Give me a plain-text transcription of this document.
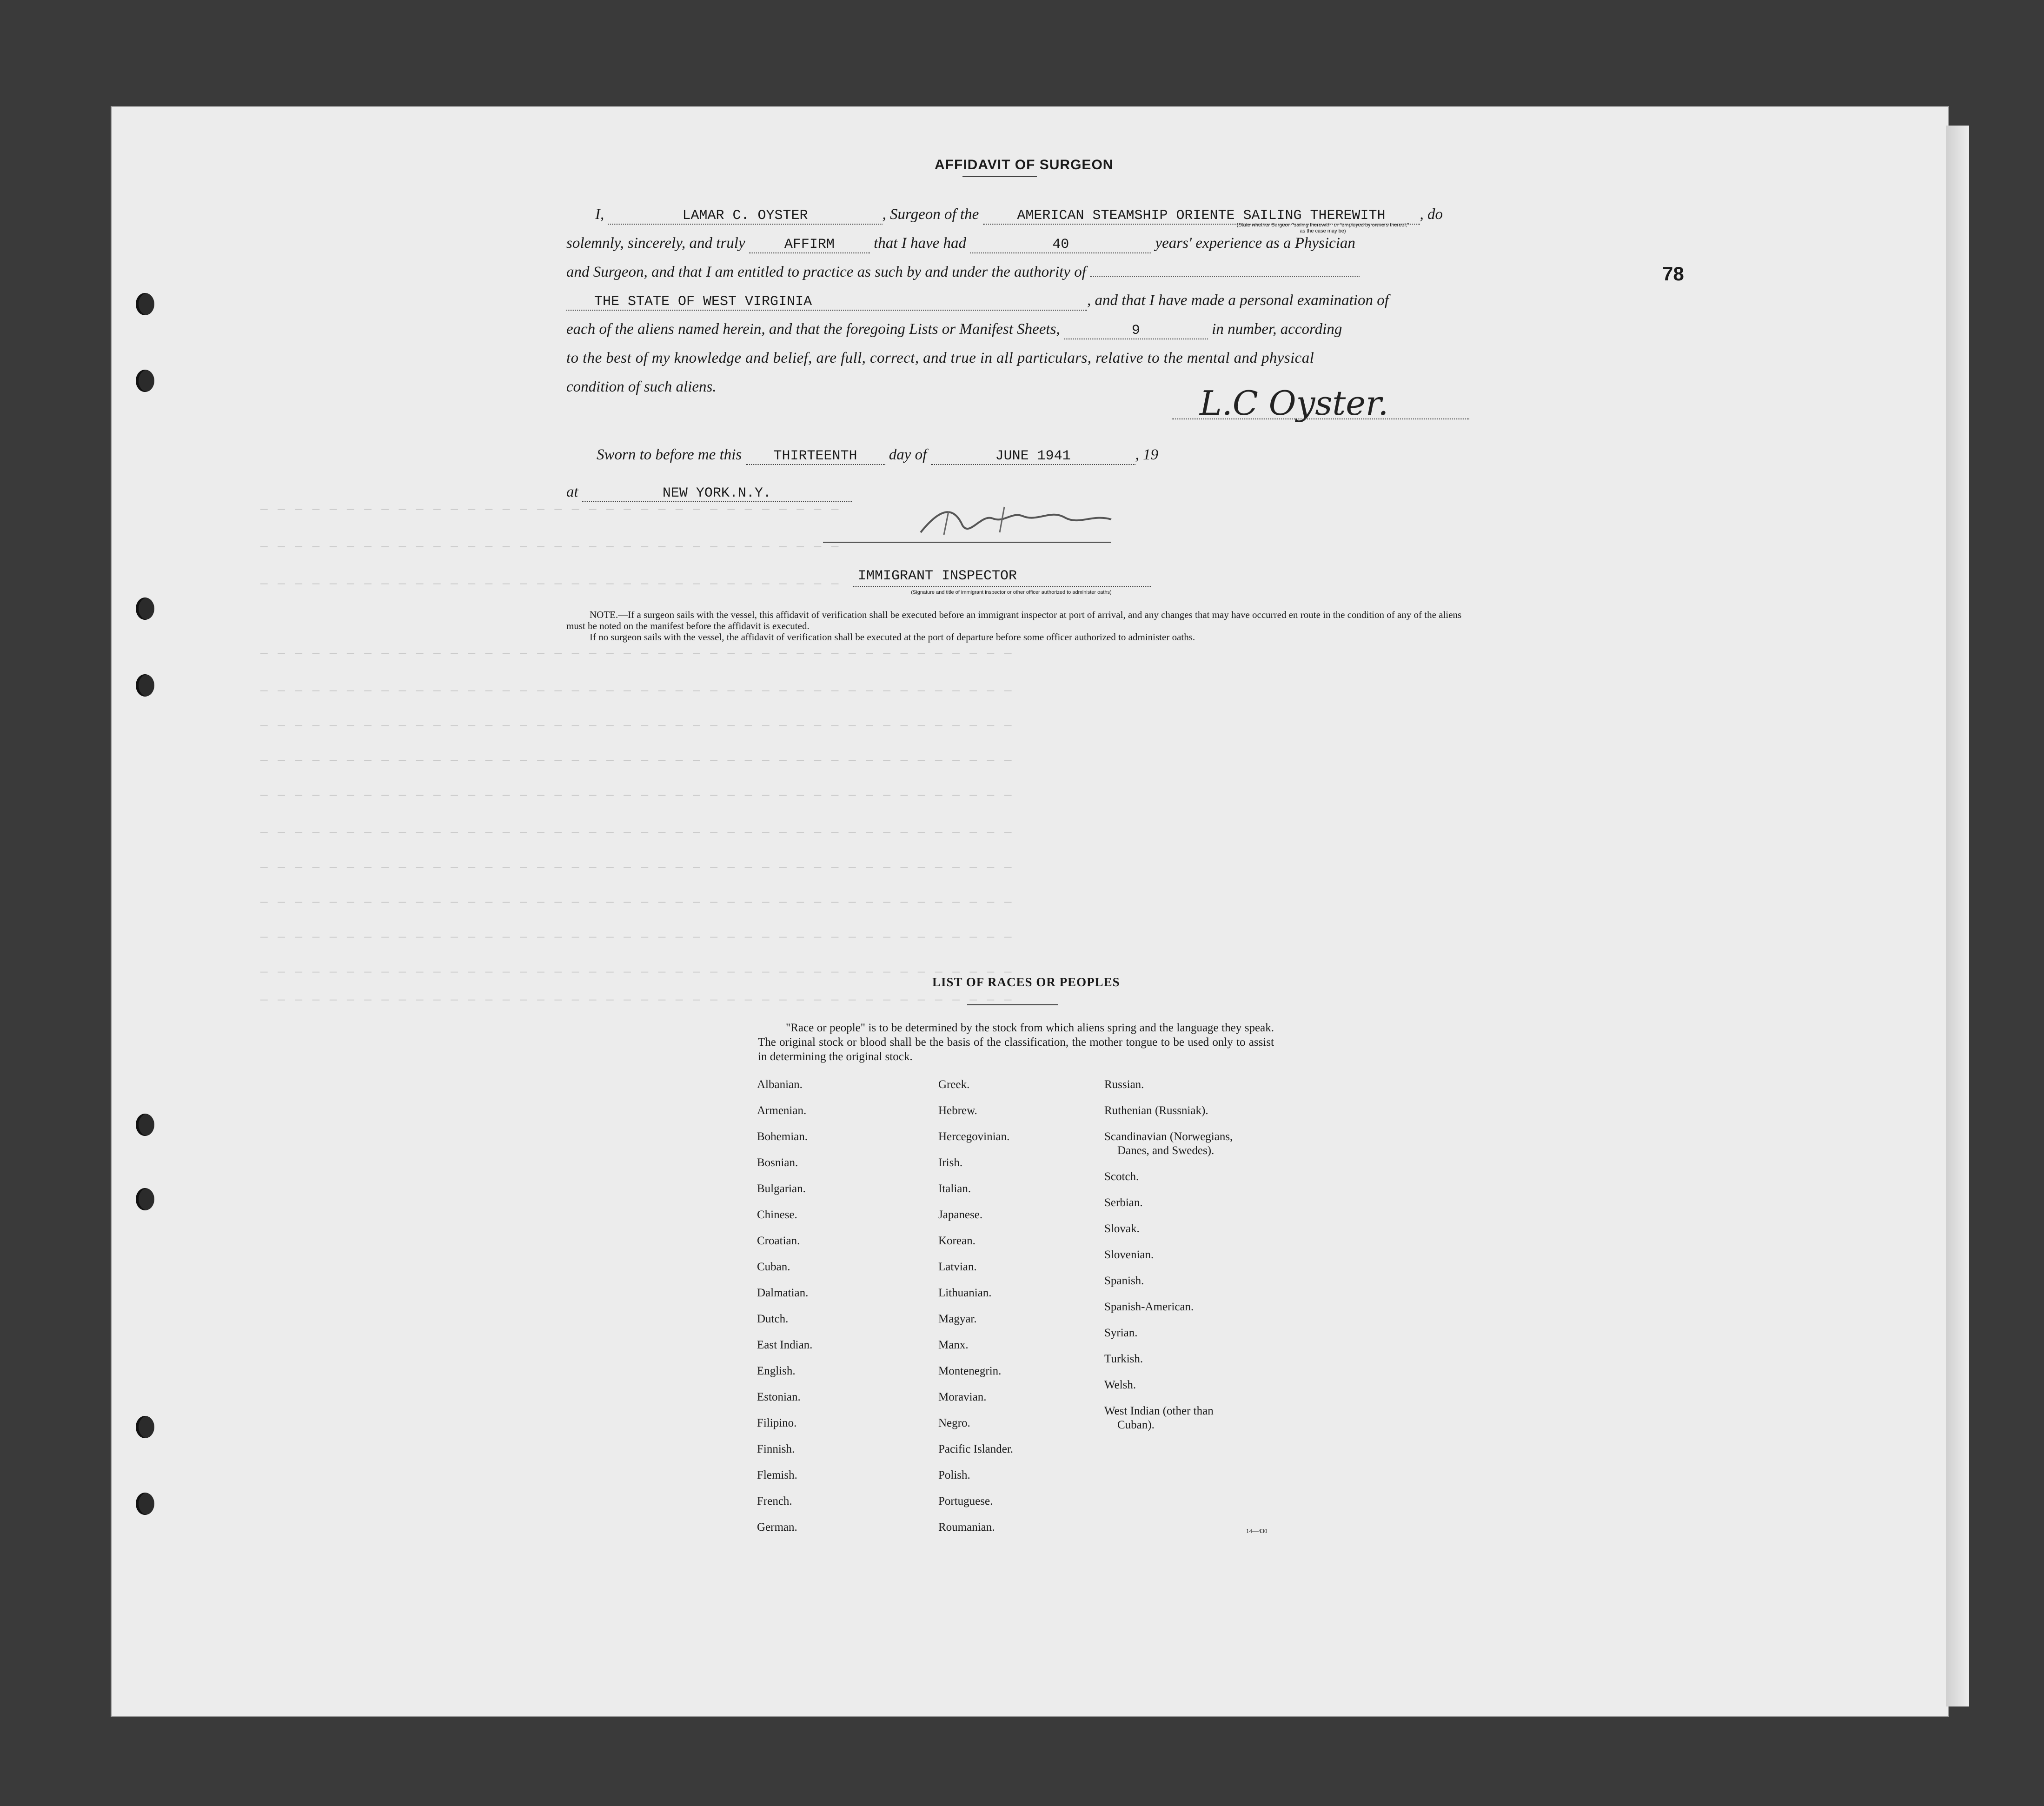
— — — — — — — — — — — — — — — — — — — — — — — — — — — — — — — — — —
— — — — — — — — — — — — — — — — — — — — — — — — — — — — — — — — — —
— — — — — — — — — — — — — — — — — — — — — — — — — — — — — — — — — —
— — — — — — — — — — — — — — — — — — — — — — — — — — — — — — — — — — — — — — — — — — — —
— — — — — — — — — — — — — — — — — — — — — — — — — — — — — — — — — — — — — — — — — — — —
— — — — — — — — — — — — — — — — — — — — — — — — — — — — — — — — — — — — — — — — — — — —
— — — — — — — — — — — — — — — — — — — — — — — — — — — — — — — — — — — — — — — — — — — —
— — — — — — — — — — — — — — — — — — — — — — — — — — — — — — — — — — — — — — — — — — — —
— — — — — — — — — — — — — — — — — — — — — — — — — — — — — — — — — — — — — — — — — — — —
— — — — — — — — — — — — — — — — — — — — — — — — — — — — — — — — — — — — — — — — — — — —
— — — — — — — — — — — — — — — — — — — — — — — — — — — — — — — — — — — — — — — — — — — —
— — — — — — — — — — — — — — — — — — — — — — — — — — — — — — — — — — — — — — — — — — — —
— — — — — — — — — — — — — — — — — — — — — — — — — — — — — — — — — — — — — — — — — — — —
— — — — — — — — — — — — — — — — — — — — — — — — — — — — — — — — — — — — — — — — — — — —
AFFIDAVIT OF SURGEON
78
I,	LAMAR C. OYSTER	, Surgeon of the	AMERICAN STEAMSHIP ORIENTE SAILING THEREWITH , do
(State whether Surgeon "sailing therewith" or "employed by owners thereof," as the case may be)
solemnly, sincerely, and truly	AFFIRM	that I have had	40	years' experience as a Physician
and Surgeon, and that I am entitled to practice as such by and under the authority of
THE STATE OF WEST VIRGINIA	, and that I have made a personal examination of
each of the aliens named herein, and that the foregoing Lists or Manifest Sheets,	9	in number, according
to the best of my knowledge and belief, are full, correct, and true in all particulars, relative to the mental and physical
condition of such aliens.	L.C Oyster.
Sworn to before me this THIRTEENTH day of	JUNE 1941	, 19
at	NEW YORK.N.Y.
IMMIGRANT INSPECTOR
(Signature and title of immigrant inspector or other officer authorized to administer oaths)
NOTE.—If a surgeon sails with the vessel, this affidavit of verification shall be executed before an immigrant inspector at port of arrival, and any changes that may have occurred en route in the condition of any of the aliens must be noted on the manifest before the affidavit is executed.
If no surgeon sails with the vessel, the affidavit of verification shall be executed at the port of departure before some officer authorized to administer oaths.
LIST OF RACES OR PEOPLES
"Race or people" is to be determined by the stock from which aliens spring and the language they speak. The original stock or blood shall be the basis of the classification, the mother tongue to be used only to assist in determining the original stock.
Albanian.
Armenian.
Bohemian.
Bosnian.
Bulgarian.
Chinese.
Croatian.
Cuban.
Dalmatian.
Dutch.
East Indian.
English.
Estonian.
Filipino.
Finnish.
Flemish.
French.
German.
Greek.
Hebrew.
Hercegovinian.
Irish.
Italian.
Japanese.
Korean.
Latvian.
Lithuanian.
Magyar.
Manx.
Montenegrin.
Moravian.
Negro.
Pacific Islander.
Polish.
Portuguese.
Roumanian.
Russian.
Ruthenian (Russniak).
Scandinavian (Norwegians,
Danes, and Swedes).
Scotch.
Serbian.
Slovak.
Slovenian.
Spanish.
Spanish-American.
Syrian.
Turkish.
Welsh.
West Indian (other than
Cuban).
14—430
